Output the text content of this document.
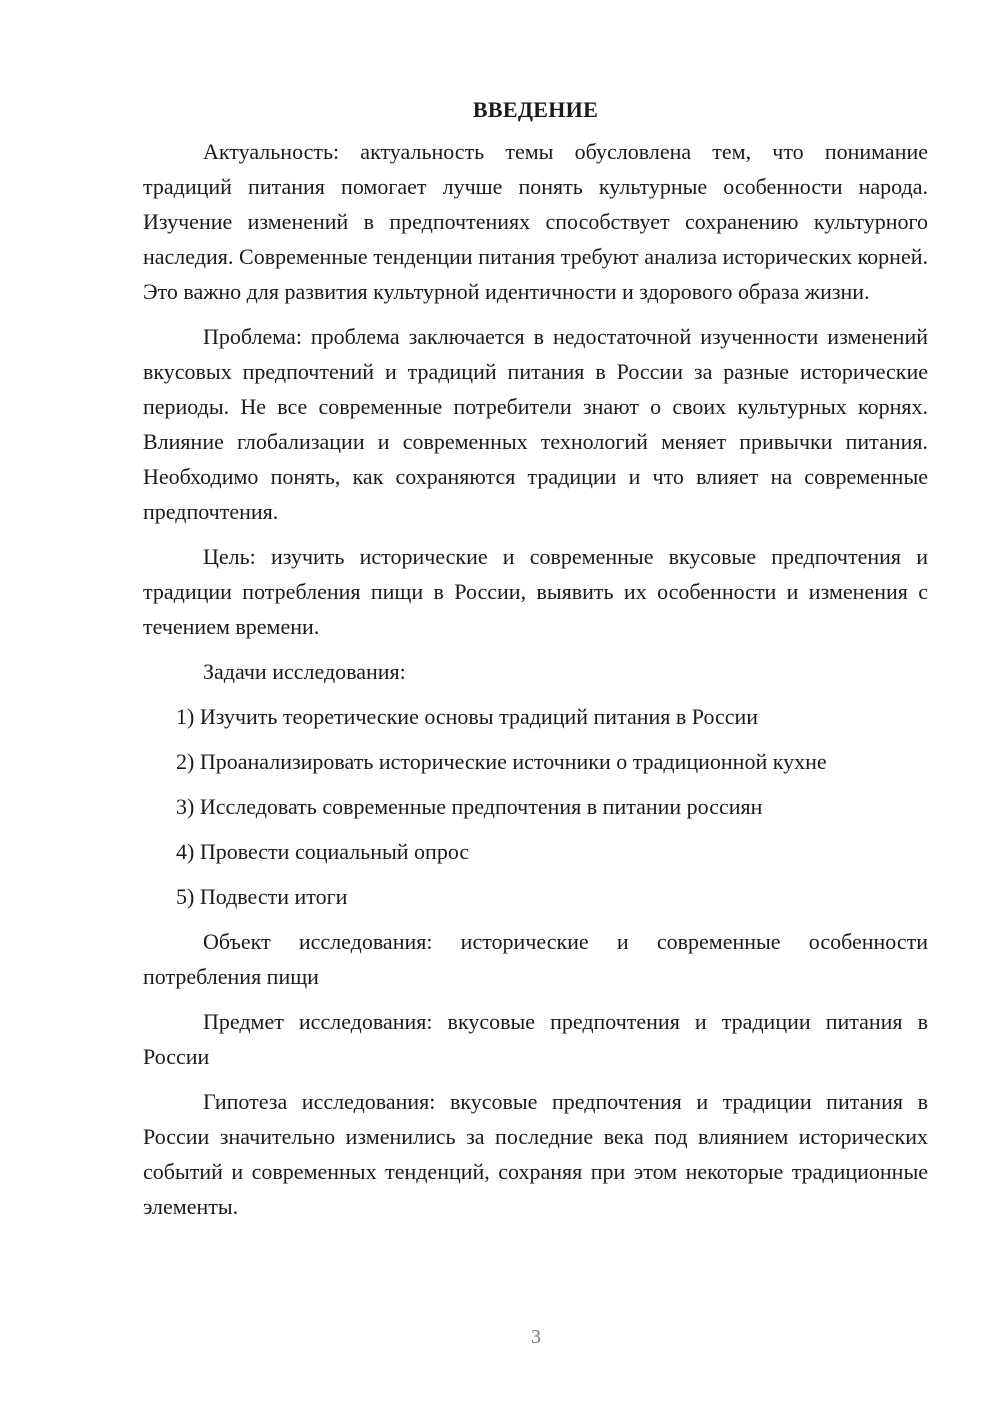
ВВЕДЕНИЕ

Актуальность: актуальность темы обусловлена тем, что понимание традиций питания помогает лучше понять культурные особенности народа. Изучение изменений в предпочтениях способствует сохранению культурного наследия. Современные тенденции питания требуют анализа исторических корней. Это важно для развития культурной идентичности и здорового образа жизни.

Проблема: проблема заключается в недостаточной изученности изменений вкусовых предпочтений и традиций питания в России за разные исторические периоды. Не все современные потребители знают о своих культурных корнях. Влияние глобализации и современных технологий меняет привычки питания. Необходимо понять, как сохраняются традиции и что влияет на современные предпочтения.

Цель: изучить исторические и современные вкусовые предпочтения и традиции потребления пищи в России, выявить их особенности и изменения с течением времени.

Задачи исследования:

1) Изучить теоретические основы традиций питания в России
2) Проанализировать исторические источники о традиционной кухне
3) Исследовать современные предпочтения в питании россиян
4) Провести социальный опрос
5) Подвести итоги

Объект исследования: исторические и современные особенности потребления пищи

Предмет исследования: вкусовые предпочтения и традиции питания в России

Гипотеза исследования: вкусовые предпочтения и традиции питания в России значительно изменились за последние века под влиянием исторических событий и современных тенденций, сохраняя при этом некоторые традиционные элементы.

3
